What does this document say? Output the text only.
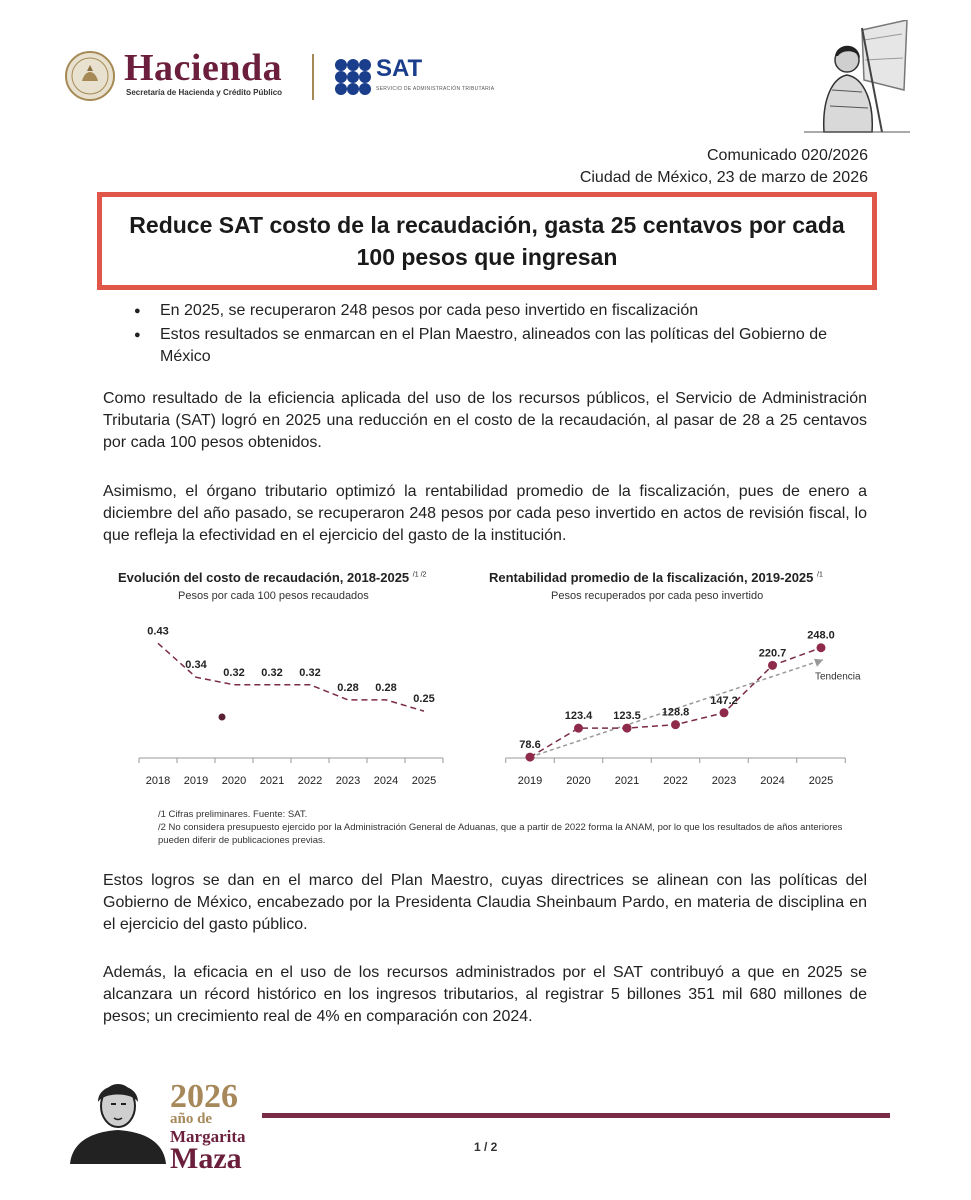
Hacienda
Secretaría de Hacienda y Crédito Público
SAT
SERVICIO DE ADMINISTRACIÓN TRIBUTARIA
Comunicado 020/2026
Ciudad de México, 23 de marzo de 2026
Reduce SAT costo de la recaudación, gasta 25 centavos por cada 100 pesos que ingresan
● En 2025, se recuperaron 248 pesos por cada peso invertido en fiscalización
● Estos resultados se enmarcan en el Plan Maestro, alineados con las políticas del Gobierno de México

Como resultado de la eficiencia aplicada del uso de los recursos públicos, el Servicio de Administración Tributaria (SAT) logró en 2025 una reducción en el costo de la recaudación, al pasar de 28 a 25 centavos por cada 100 pesos obtenidos.

Asimismo, el órgano tributario optimizó la rentabilidad promedio de la fiscalización, pues de enero a diciembre del año pasado, se recuperaron 248 pesos por cada peso invertido en actos de revisión fiscal, lo que refleja la efectividad en el ejercicio del gasto de la institución.

Evolución del costo de recaudación, 2018-2025 $^{/1 /2}$
Pesos por cada 100 pesos recaudados
0.43
0.34
0.32 0.32 0.32
0.28 0.28
0.25
2018 2019 2020 2021 2022 2023 2024 2025
Rentabilidad promedio de la fiscalización, 2019-2025 $^{/1}$
Pesos recuperados por cada peso invertido
Tendencia
78.6
123.4 123.5 128.8
147.2
220.7
248.0
2019 2020 2021 2022 2023 2024 2025
/1 Cifras preliminares. Fuente: SAT.
/2 No considera presupuesto ejercido por la Administración General de Aduanas, que a partir de 2022 forma la ANAM, por lo que los resultados de años anteriores pueden diferir de publicaciones previas.

Estos logros se dan en el marco del Plan Maestro, cuyas directrices se alinean con las políticas del Gobierno de México, encabezado por la Presidenta Claudia Sheinbaum Pardo, en materia de disciplina en el ejercicio del gasto público.

Además, la eficacia en el uso de los recursos administrados por el SAT contribuyó a que en 2025 se alcanzara un récord histórico en los ingresos tributarios, al registrar 5 billones 351 mil 680 millones de pesos; un crecimiento real de 4% en comparación con 2024.

2026
año de
Margarita
Maza	1 / 2
